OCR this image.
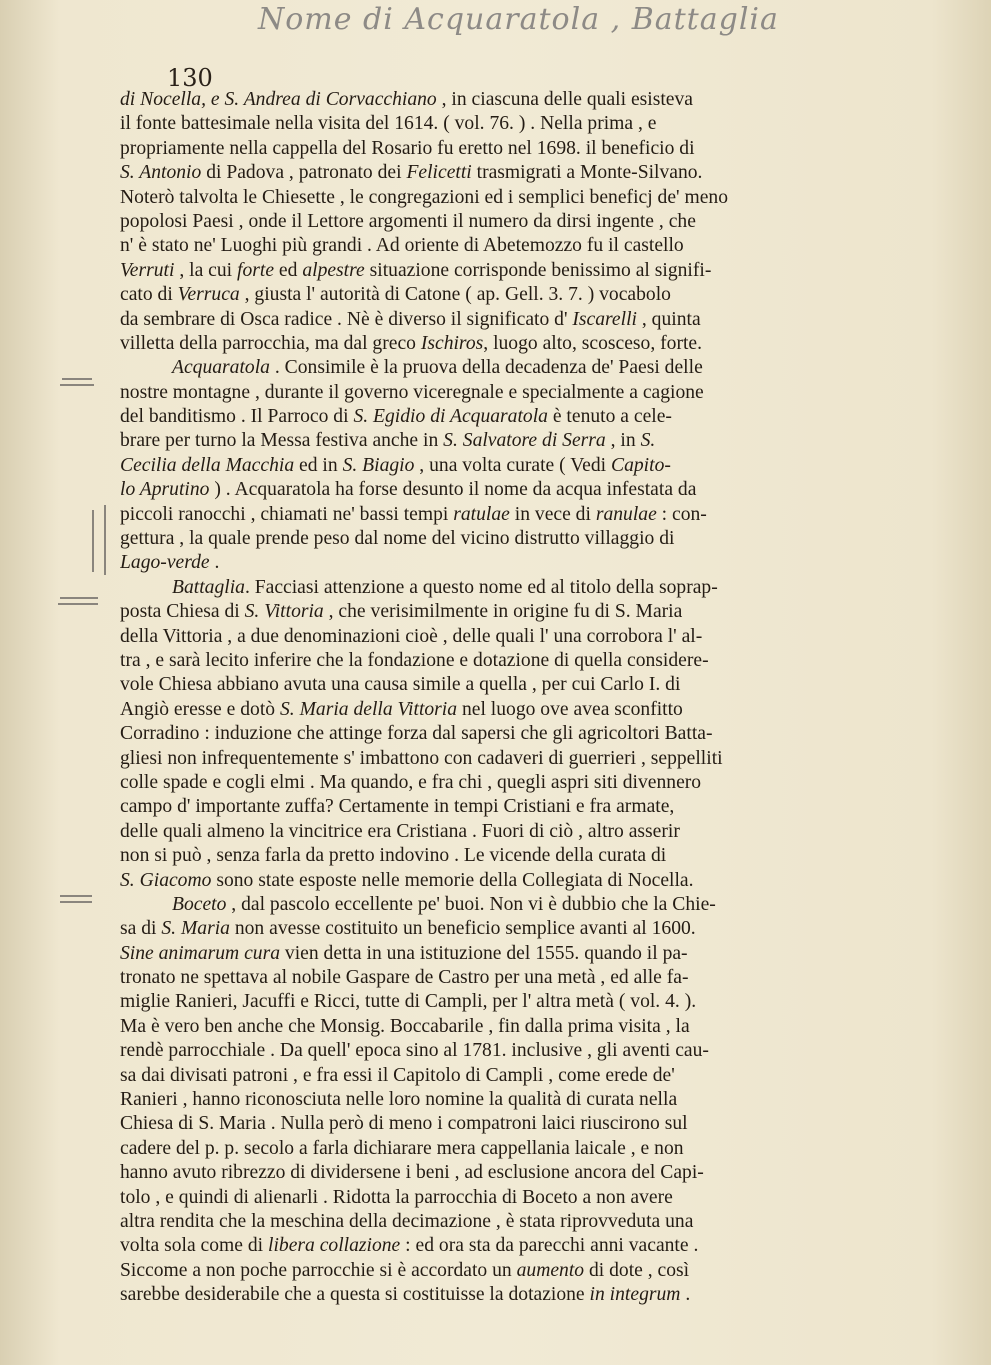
Nome di Acquaratola , Battaglia
130
di Nocella, e S. Andrea di Corvacchiano , in ciascuna delle quali esisteva
il fonte battesimale nella visita del 1614. ( vol. 76. ) . Nella prima , e
propriamente nella cappella del Rosario fu eretto nel 1698. il beneficio di
S. Antonio di Padova , patronato dei Felicetti trasmigrati a Monte-Silvano.
Noterò talvolta le Chiesette , le congregazioni ed i semplici beneficj de' meno
popolosi Paesi , onde il Lettore argomenti il numero da dirsi ingente , che
n' è stato ne' Luoghi più grandi . Ad oriente di Abetemozzo fu il castello
Verruti , la cui forte ed alpestre situazione corrisponde benissimo al signifi-
cato di Verruca , giusta l' autorità di Catone ( ap. Gell. 3. 7. ) vocabolo
da sembrare di Osca radice . Nè è diverso il significato d' Iscarelli , quinta
villetta della parrocchia, ma dal greco Ischiros, luogo alto, scosceso, forte.
Acquaratola . Consimile è la pruova della decadenza de' Paesi delle
nostre montagne , durante il governo viceregnale e specialmente a cagione
del banditismo . Il Parroco di S. Egidio di Acquaratola è tenuto a cele-
brare per turno la Messa festiva anche in S. Salvatore di Serra , in S.
Cecilia della Macchia ed in S. Biagio , una volta curate ( Vedi Capito-
lo Aprutino ) . Acquaratola ha forse desunto il nome da acqua infestata da
piccoli ranocchi , chiamati ne' bassi tempi ratulae in vece di ranulae : con-
gettura , la quale prende peso dal nome del vicino distrutto villaggio di
Lago-verde .
Battaglia. Facciasi attenzione a questo nome ed al titolo della soprap-
posta Chiesa di S. Vittoria , che verisimilmente in origine fu di S. Maria
della Vittoria , a due denominazioni cioè , delle quali l' una corrobora l' al-
tra , e sarà lecito inferire che la fondazione e dotazione di quella considere-
vole Chiesa abbiano avuta una causa simile a quella , per cui Carlo I. di
Angiò eresse e dotò S. Maria della Vittoria nel luogo ove avea sconfitto
Corradino : induzione che attinge forza dal sapersi che gli agricoltori Batta-
gliesi non infrequentemente s' imbattono con cadaveri di guerrieri , seppelliti
colle spade e cogli elmi . Ma quando, e fra chi , quegli aspri siti divennero
campo d' importante zuffa? Certamente in tempi Cristiani e fra armate,
delle quali almeno la vincitrice era Cristiana . Fuori di ciò , altro asserir
non si può , senza farla da pretto indovino . Le vicende della curata di
S. Giacomo sono state esposte nelle memorie della Collegiata di Nocella.
Boceto , dal pascolo eccellente pe' buoi. Non vi è dubbio che la Chie-
sa di S. Maria non avesse costituito un beneficio semplice avanti al 1600.
Sine animarum cura vien detta in una istituzione del 1555. quando il pa-
tronato ne spettava al nobile Gaspare de Castro per una metà , ed alle fa-
miglie Ranieri, Jacuffi e Ricci, tutte di Campli, per l' altra metà ( vol. 4. ).
Ma è vero ben anche che Monsig. Boccabarile , fin dalla prima visita , la
rendè parrocchiale . Da quell' epoca sino al 1781. inclusive , gli aventi cau-
sa dai divisati patroni , e fra essi il Capitolo di Campli , come erede de'
Ranieri , hanno riconosciuta nelle loro nomine la qualità di curata nella
Chiesa di S. Maria . Nulla però di meno i compatroni laici riuscirono sul
cadere del p. p. secolo a farla dichiarare mera cappellania laicale , e non
hanno avuto ribrezzo di dividersene i beni , ad esclusione ancora del Capi-
tolo , e quindi di alienarli . Ridotta la parrocchia di Boceto a non avere
altra rendita che la meschina della decimazione , è stata riprovveduta una
volta sola come di libera collazione : ed ora sta da parecchi anni vacante .
Siccome a non poche parrocchie si è accordato un aumento di dote , così
sarebbe desiderabile che a questa si costituisse la dotazione in integrum .
